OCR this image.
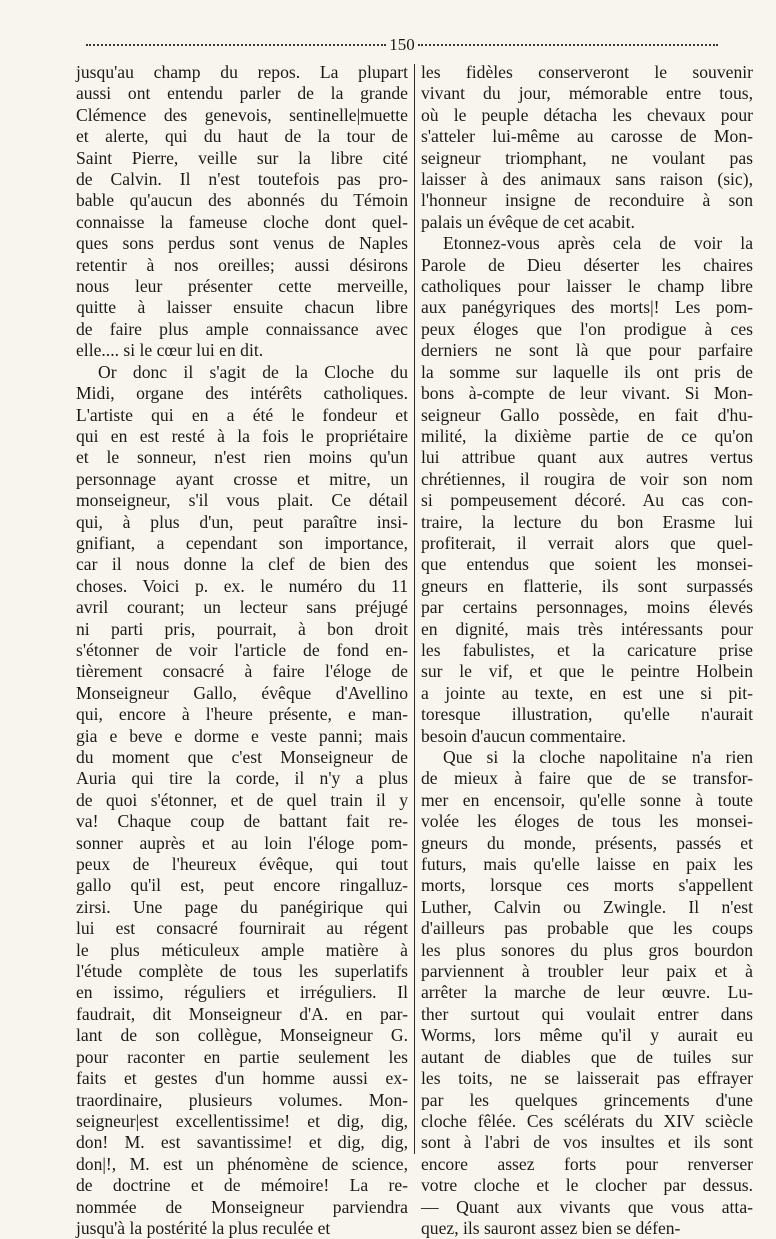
150

jusqu'au champ du repos. La plupart
aussi ont entendu parler de la grande
Clémence des genevois, sentinelle|muette
et alerte, qui du haut de la tour de
Saint Pierre, veille sur la libre cité
de Calvin. Il n'est toutefois pas pro-
bable qu'aucun des abonnés du Témoin
connaisse la fameuse cloche dont quel-
ques sons perdus sont venus de Naples
retentir à nos oreilles; aussi désirons
nous leur présenter cette merveille,
quitte à laisser ensuite chacun libre
de faire plus ample connaissance avec
elle.... si le cœur lui en dit.

Or donc il s'agit de la Cloche du
Midi, organe des intérêts catholiques.
L'artiste qui en a été le fondeur et
qui en est resté à la fois le propriétaire
et le sonneur, n'est rien moins qu'un
personnage ayant crosse et mitre, un
monseigneur, s'il vous plait. Ce détail
qui, à plus d'un, peut paraître insi-
gnifiant, a cependant son importance,
car il nous donne la clef de bien des
choses. Voici p. ex. le numéro du 11
avril courant; un lecteur sans préjugé
ni parti pris, pourrait, à bon droit
s'étonner de voir l'article de fond en-
tièrement consacré à faire l'éloge de
Monseigneur Gallo, évêque d'Avellino
qui, encore à l'heure présente, e man-
gia e beve e dorme e veste panni; mais
du moment que c'est Monseigneur de
Auria qui tire la corde, il n'y a plus
de quoi s'étonner, et de quel train il y
va! Chaque coup de battant fait re-
sonner auprès et au loin l'éloge pom-
peux de l'heureux évêque, qui tout
gallo qu'il est, peut encore ringalluz-
zirsi. Une page du panégirique qui
lui est consacré fournirait au régent
le plus méticuleux ample matière à
l'étude complète de tous les superlatifs
en issimo, réguliers et irréguliers. Il
faudrait, dit Monseigneur d'A. en par-
lant de son collègue, Monseigneur G.
pour raconter en partie seulement les
faits et gestes d'un homme aussi ex-
traordinaire, plusieurs volumes. Mon-
seigneur|est excellentissime! et dig, dig,
don! M. est savantissime! et dig, dig,
don|!, M. est un phénomène de science,
de doctrine et de mémoire! La re-
nommée de Monseigneur parviendra
jusqu'à la postérité la plus reculée et

les fidèles conserveront le souvenir
vivant du jour, mémorable entre tous,
où le peuple détacha les chevaux pour
s'atteler lui-même au carosse de Mon-
seigneur triomphant, ne voulant pas
laisser à des animaux sans raison (sic),
l'honneur insigne de reconduire à son
palais un évêque de cet acabit.

Etonnez-vous après cela de voir la
Parole de Dieu déserter les chaires
catholiques pour laisser le champ libre
aux panégyriques des morts|! Les pom-
peux éloges que l'on prodigue à ces
derniers ne sont là que pour parfaire
la somme sur laquelle ils ont pris de
bons à-compte de leur vivant. Si Mon-
seigneur Gallo possède, en fait d'hu-
milité, la dixième partie de ce qu'on
lui attribue quant aux autres vertus
chrétiennes, il rougira de voir son nom
si pompeusement décoré. Au cas con-
traire, la lecture du bon Erasme lui
profiterait, il verrait alors que quel-
que entendus que soient les monsei-
gneurs en flatterie, ils sont surpassés
par certains personnages, moins élevés
en dignité, mais très intéressants pour
les fabulistes, et la caricature prise
sur le vif, et que le peintre Holbein
a jointe au texte, en est une si pit-
toresque illustration, qu'elle n'aurait
besoin d'aucun commentaire.

Que si la cloche napolitaine n'a rien
de mieux à faire que de se transfor-
mer en encensoir, qu'elle sonne à toute
volée les éloges de tous les monsei-
gneurs du monde, présents, passés et
futurs, mais qu'elle laisse en paix les
morts, lorsque ces morts s'appellent
Luther, Calvin ou Zwingle. Il n'est
d'ailleurs pas probable que les coups
les plus sonores du plus gros bourdon
parviennent à troubler leur paix et à
arrêter la marche de leur œuvre. Lu-
ther surtout qui voulait entrer dans
Worms, lors même qu'il y aurait eu
autant de diables que de tuiles sur
les toits, ne se laisserait pas effrayer
par les quelques grincements d'une
cloche fêlée. Ces scélérats du XIV sciècle
sont à l'abri de vos insultes et ils sont
encore assez forts pour renverser
votre cloche et le clocher par dessus.
— Quant aux vivants que vous atta-
quez, ils sauront assez bien se défen-
